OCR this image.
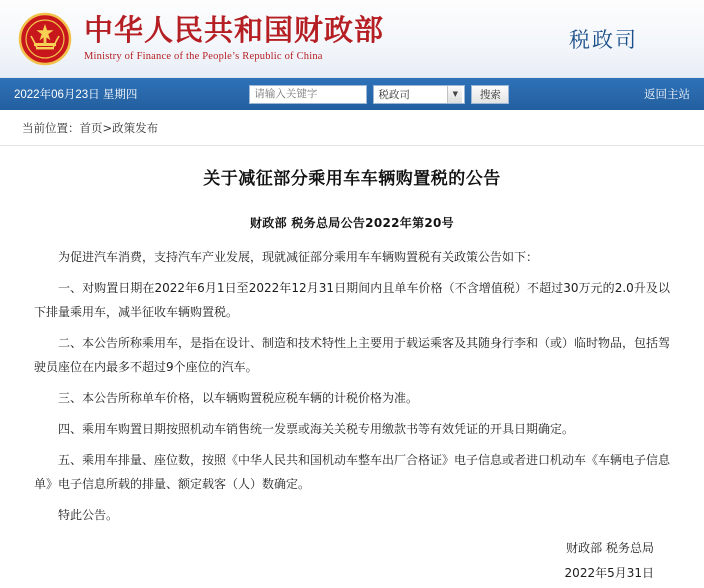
中华人民共和国财政部
Ministry of Finance of the People’s Republic of China
税政司
2022年06月23日 星期四
请输入关键字	税政司	▼	搜索	返回主站
当前位置：首页>政策发布
关于减征部分乘用车车辆购置税的公告
财政部 税务总局公告2022年第20号

为促进汽车消费，支持汽车产业发展，现就减征部分乘用车车辆购置税有关政策公告如下：

一、对购置日期在2022年6月1日至2022年12月31日期间内且单车价格（不含增值税）不超过30万元的2.0升及以下排量乘用车，减半征收车辆购置税。

二、本公告所称乘用车，是指在设计、制造和技术特性上主要用于载运乘客及其随身行李和（或）临时物品，包括驾驶员座位在内最多不超过9个座位的汽车。

三、本公告所称单车价格，以车辆购置税应税车辆的计税价格为准。

四、乘用车购置日期按照机动车销售统一发票或海关关税专用缴款书等有效凭证的开具日期确定。

五、乘用车排量、座位数，按照《中华人民共和国机动车整车出厂合格证》电子信息或者进口机动车《车辆电子信息单》电子信息所载的排量、额定载客（人）数确定。

特此公告。

财政部 税务总局
2022年5月31日
